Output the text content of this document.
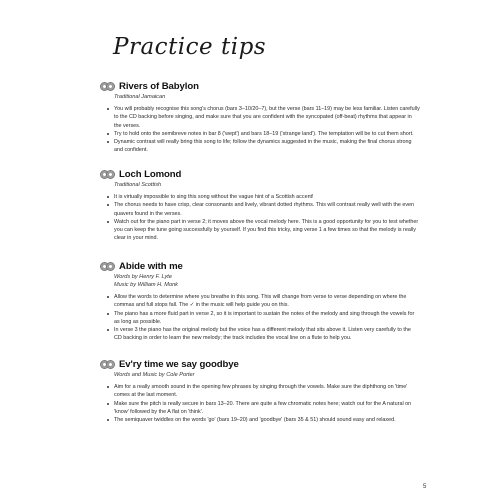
Practice tips
Rivers of Babylon
Traditional Jamaican
You will probably recognise this song's chorus (bars 3–10/20–7), but the verse (bars 11–19) may be less familiar. Listen carefully to the CD backing before singing, and make sure that you are confident with the syncopated (off-beat) rhythms that appear in the verses.
Try to hold onto the semibreve notes in bar 8 ('wept') and bars 18–19 ('strange land'). The temptation will be to cut them short.
Dynamic contrast will really bring this song to life; follow the dynamics suggested in the music, making the final chorus strong and confident.
Loch Lomond
Traditional Scottish
It is virtually impossible to sing this song without the vague hint of a Scottish accent!
The chorus needs to have crisp, clear consonants and lively, vibrant dotted rhythms. This will contrast really well with the even quavers found in the verses.
Watch out for the piano part in verse 2; it moves above the vocal melody here. This is a good opportunity for you to test whether you can keep the tune going successfully by yourself. If you find this tricky, sing verse 1 a few times so that the melody is really clear in your mind.
Abide with me
Words by Henry F. Lyte
Music by William H. Monk
Allow the words to determine where you breathe in this song. This will change from verse to verse depending on where the commas and full stops fall. The ✓ in the music will help guide you on this.
The piano has a more fluid part in verse 2, so it is important to sustain the notes of the melody and sing through the vowels for as long as possible.
In verse 3 the piano has the original melody but the voice has a different melody that sits above it. Listen very carefully to the CD backing in order to learn the new melody; the track includes the vocal line on a flute to help you.
Ev'ry time we say goodbye
Words and Music by Cole Porter
Aim for a really smooth sound in the opening few phrases by singing through the vowels. Make sure the diphthong on 'time' comes at the last moment.
Make sure the pitch is really secure in bars 13–20. There are quite a few chromatic notes here; watch out for the A natural on 'know' followed by the A flat on 'think'.
The semiquaver twiddles on the words 'go' (bars 19–20) and 'goodbye' (bars 35 & 51) should sound easy and relaxed.
5
